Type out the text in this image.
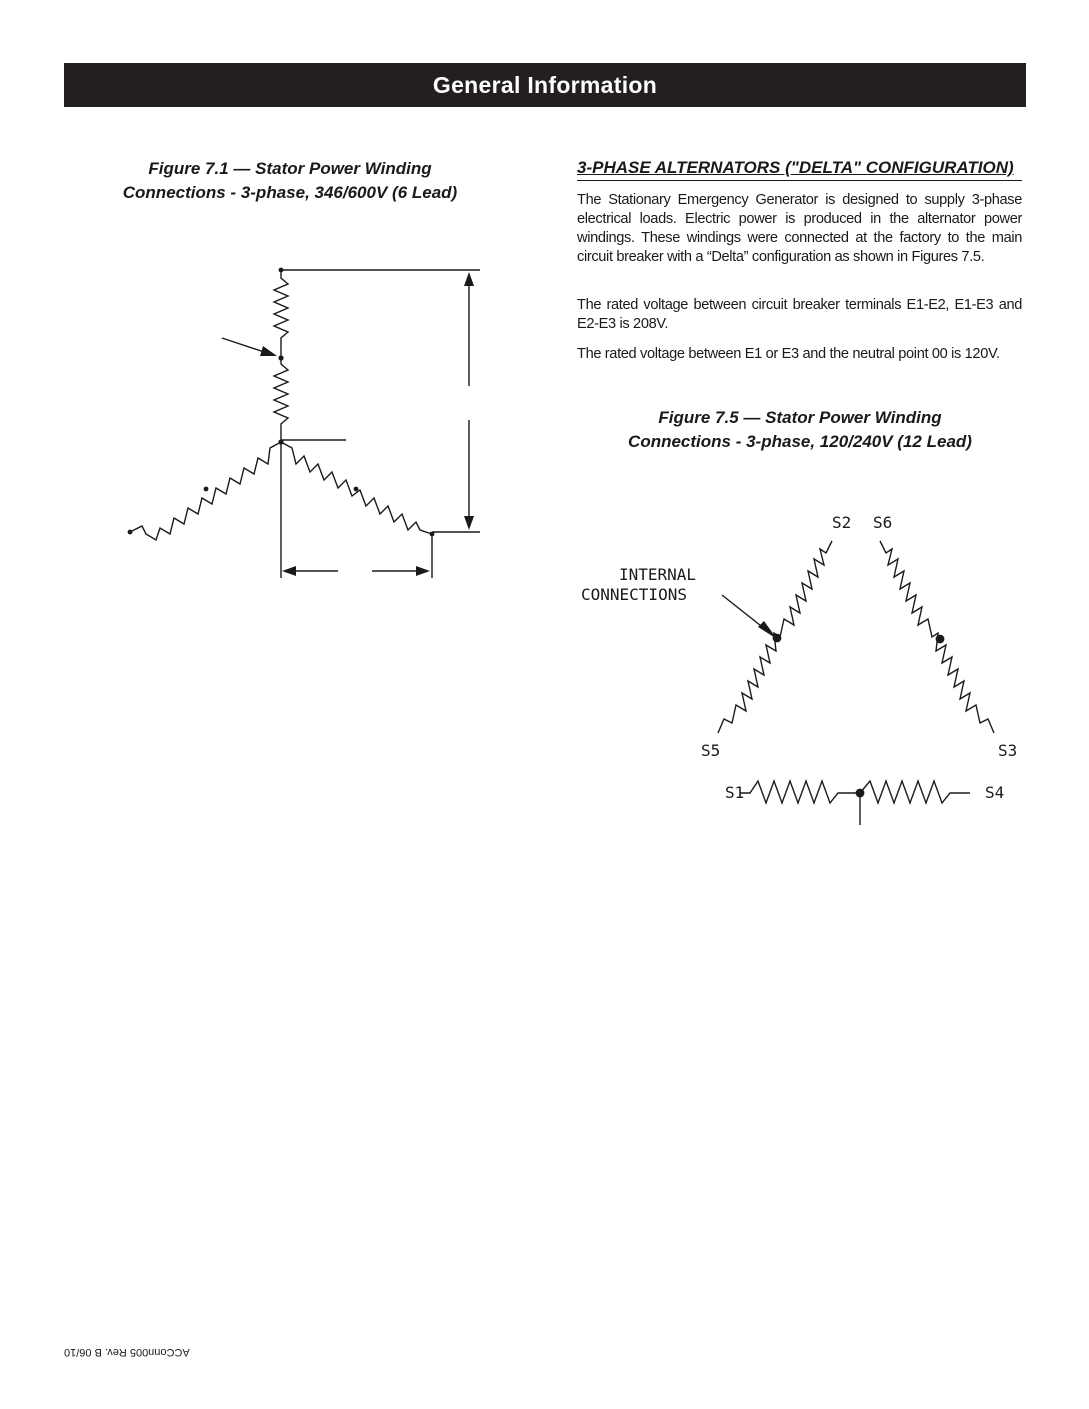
General Information
Figure 7.1 — Stator Power Winding
Connections - 3-phase, 346/600V (6 Lead)
3-PHASE ALTERNATORS ("DELTA" CONFIGURATION)

The Stationary Emergency Generator is designed to supply 3-phase electrical loads. Electric power is produced in the alternator power windings. These windings were connected at the factory to the main circuit breaker with a “Delta” configuration as shown in Figures 7.5.

The rated voltage between circuit breaker terminals E1-E2, E1-E3 and E2-E3 is 208V.

The rated voltage between E1 or E3 and the neutral point 00 is 120V.

Figure 7.5 — Stator Power Winding
Connections - 3-phase, 120/240V (12 Lead)
S2 S6
S5	S3
S1	S4
INTERNAL
CONNECTIONS
ACConn005 Rev. B 06/10
